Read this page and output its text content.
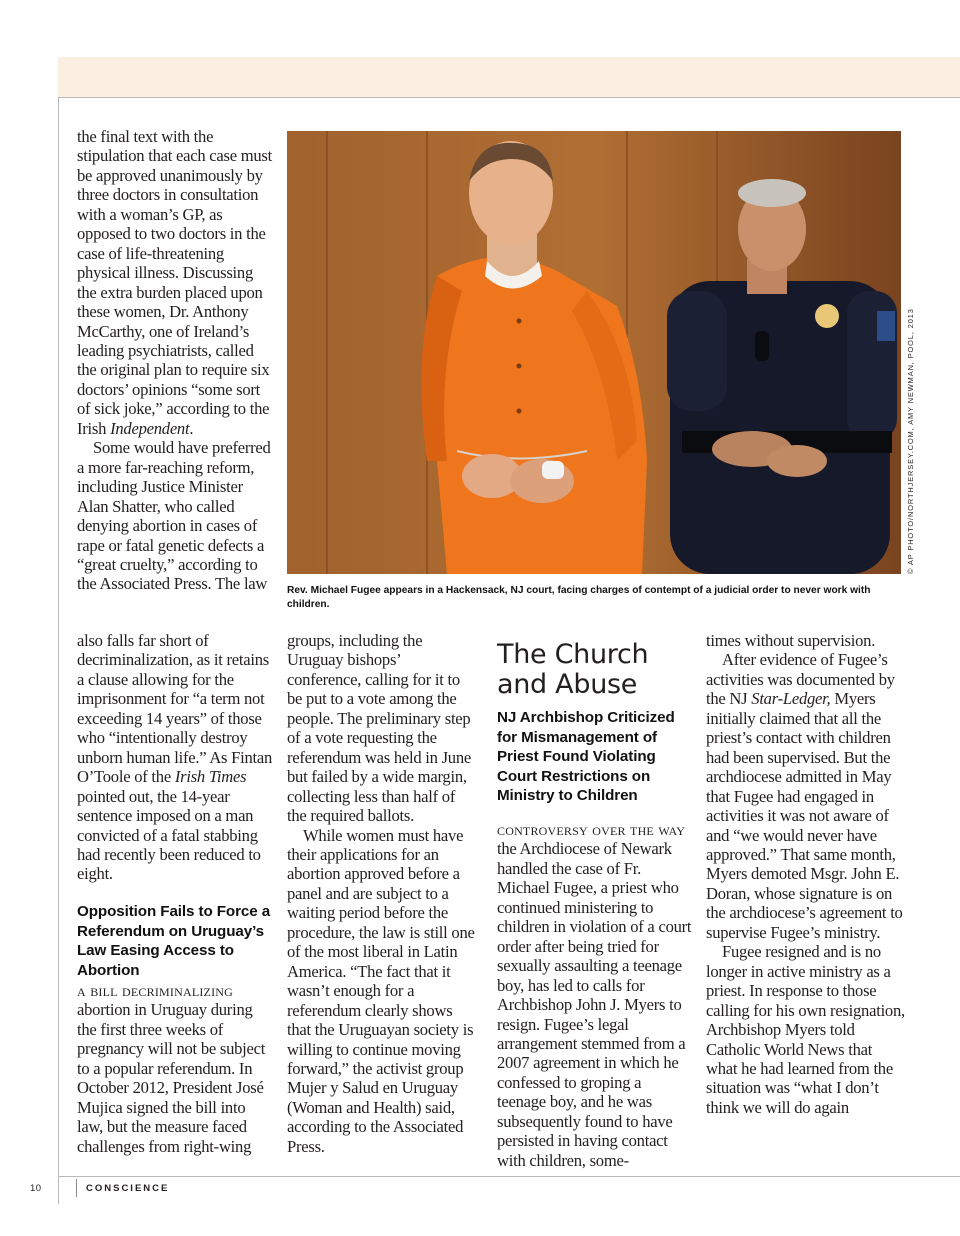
the final text with the stipulation that each case must be approved unanimously by three doctors in consultation with a woman’s GP, as opposed to two doctors in the case of life-threatening physical illness. Discussing the extra burden placed upon these women, Dr. Anthony McCarthy, one of Ireland’s leading psychiatrists, called the original plan to require six doctors’ opinions “some sort of sick joke,” according to the Irish Independent.

Some would have preferred a more far-reaching reform, including Justice Minister Alan Shatter, who called denying abortion in cases of rape or fatal genetic defects a “great cruelty,” according to the Associated Press. The law	Rev. Michael Fugee appears in a Hackensack, NJ court, facing charges of contempt of a judicial order to never work with children.
© AP PHOTO/NORTHJERSEY.COM, AMY NEWMAN, POOL, 2013

also falls far short of decriminalization, as it retains a clause allowing for the imprisonment for “a term not exceeding 14 years” of those who “intentionally destroy unborn human life.” As Fintan O’Toole of the Irish Times pointed out, the 14-year sentence imposed on a man convicted of a fatal stabbing had recently been reduced to eight.

Opposition Fails to Force a Referendum on Uruguay’s Law Easing Access to Abortion

a bill decriminalizing
abortion in Uruguay during the first three weeks of pregnancy will not be subject to a popular referendum. In October 2012, President José Mujica signed the bill into law, but the measure faced challenges from right-wing

groups, including the Uruguay bishops’ conference, calling for it to be put to a vote among the people. The preliminary step of a vote requesting the referendum was held in June but failed by a wide margin, collecting less than half of the required ballots.

While women must have their applications for an abortion approved before a panel and are subject to a waiting period before the procedure, the law is still one of the most liberal in Latin America. “The fact that it wasn’t enough for a referendum clearly shows that the Uruguayan society is willing to continue moving forward,” the activist group Mujer y Salud en Uruguay (Woman and Health) said, according to the Associated Press.

The Church and Abuse
NJ Archbishop Criticized for Mismanagement of Priest Found Violating Court Restrictions on Ministry to Children

controversy over the way
the Archdiocese of Newark handled the case of Fr. Michael Fugee, a priest who continued ministering to children in violation of a court order after being tried for sexually assaulting a teenage boy, has led to calls for Archbishop John J. Myers to resign. Fugee’s legal arrangement stemmed from a 2007 agreement in which he confessed to groping a teenage boy, and he was subsequently found to have persisted in having contact with children, some-

times without supervision.

After evidence of Fugee’s activities was documented by the NJ Star-Ledger, Myers initially claimed that all the priest’s contact with children had been supervised. But the archdiocese admitted in May that Fugee had engaged in activities it was not aware of and “we would never have approved.” That same month, Myers demoted Msgr. John E. Doran, whose signature is on the archdiocese’s agreement to supervise Fugee’s ministry.

Fugee resigned and is no longer in active ministry as a priest. In response to those calling for his own resignation, Archbishop Myers told Catholic World News that what he had learned from the situation was “what I don’t think we will do again

10	CONSCIENCE
